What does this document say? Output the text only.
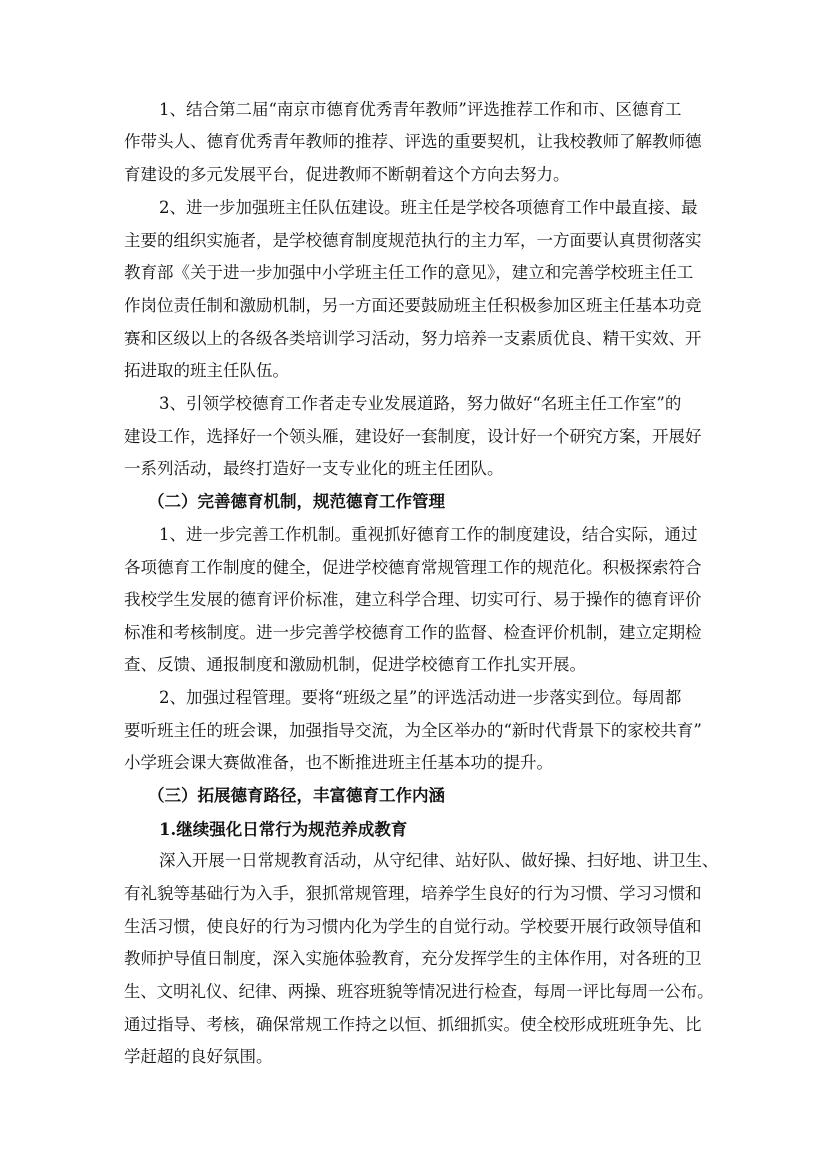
1、结合第二届“南京市德育优秀青年教师”评选推荐工作和市、区德育工

作带头人、德育优秀青年教师的推荐、评选的重要契机，让我校教师了解教师德

育建设的多元发展平台，促进教师不断朝着这个方向去努力。

2、进一步加强班主任队伍建设。班主任是学校各项德育工作中最直接、最

主要的组织实施者，是学校德育制度规范执行的主力军，一方面要认真贯彻落实

教育部《关于进一步加强中小学班主任工作的意见》，建立和完善学校班主任工

作岗位责任制和激励机制，另一方面还要鼓励班主任积极参加区班主任基本功竞

赛和区级以上的各级各类培训学习活动，努力培养一支素质优良、精干实效、开

拓进取的班主任队伍。

3、引领学校德育工作者走专业发展道路，努力做好“名班主任工作室”的

建设工作，选择好一个领头雁，建设好一套制度，设计好一个研究方案，开展好

一系列活动，最终打造好一支专业化的班主任团队。

（二）完善德育机制，规范德育工作管理

1、进一步完善工作机制。重视抓好德育工作的制度建设，结合实际，通过

各项德育工作制度的健全，促进学校德育常规管理工作的规范化。积极探索符合

我校学生发展的德育评价标准，建立科学合理、切实可行、易于操作的德育评价

标准和考核制度。进一步完善学校德育工作的监督、检查评价机制，建立定期检

查、反馈、通报制度和激励机制，促进学校德育工作扎实开展。

2、加强过程管理。要将“班级之星”的评选活动进一步落实到位。每周都

要听班主任的班会课，加强指导交流，为全区举办的“新时代背景下的家校共育”

小学班会课大赛做准备，也不断推进班主任基本功的提升。

（三）拓展德育路径，丰富德育工作内涵

1.继续强化日常行为规范养成教育

深入开展一日常规教育活动，从守纪律、站好队、做好操、扫好地、讲卫生、

有礼貌等基础行为入手，狠抓常规管理，培养学生良好的行为习惯、学习习惯和

生活习惯，使良好的行为习惯内化为学生的自觉行动。学校要开展行政领导值和

教师护导值日制度，深入实施体验教育，充分发挥学生的主体作用，对各班的卫

生、文明礼仪、纪律、两操、班容班貌等情况进行检查，每周一评比每周一公布。

通过指导、考核，确保常规工作持之以恒、抓细抓实。使全校形成班班争先、比

学赶超的良好氛围。
